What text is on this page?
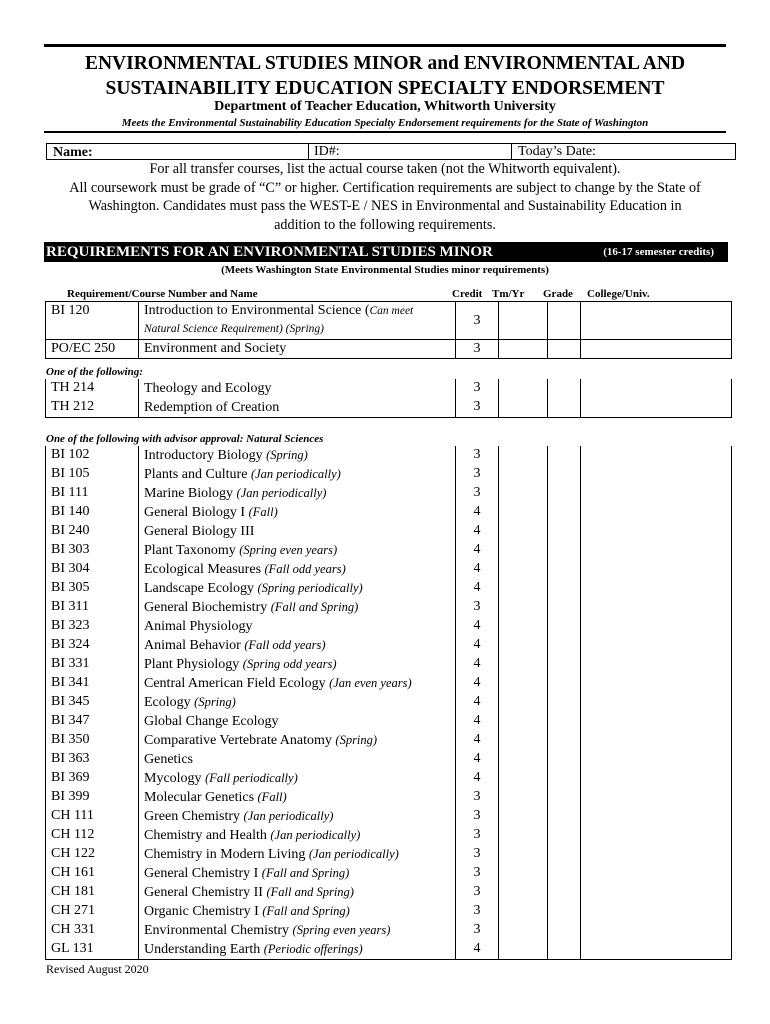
ENVIRONMENTAL STUDIES MINOR and ENVIRONMENTAL AND
SUSTAINABILITY EDUCATION SPECIALTY ENDORSEMENT
Department of Teacher Education, Whitworth University
Meets the Environmental Sustainability Education Specialty Endorsement requirements for the State of Washington
Name:	ID#:	Today’s Date:
For all transfer courses, list the actual course taken (not the Whitworth equivalent).
All coursework must be grade of “C” or higher. Certification requirements are subject to change by the State of
Washington. Candidates must pass the WEST-E / NES in Environmental and Sustainability Education in
addition to the following requirements.
REQUIREMENTS FOR AN ENVIRONMENTAL STUDIES MINOR	(16-17 semester credits)
(Meets Washington State Environmental Studies minor requirements)
Requirement/Course Number and Name	Credit Tm/Yr Grade College/Univ.
BI 120	Introduction to Environmental Science (Can meet
Natural Science Requirement) (Spring)	3			
PO/EC 250	Environment and Society	3			
One of the following:
TH 214	Theology and Ecology	3			
TH 212	Redemption of Creation	3			
One of the following with advisor approval: Natural Sciences
BI 102	Introductory Biology (Spring)	3			
BI 105	Plants and Culture (Jan periodically)	3			
BI 111	Marine Biology (Jan periodically)	3			
BI 140	General Biology I (Fall)	4			
BI 240	General Biology III	4			
BI 303	Plant Taxonomy (Spring even years)	4			
BI 304	Ecological Measures (Fall odd years)	4			
BI 305	Landscape Ecology (Spring periodically)	4			
BI 311	General Biochemistry (Fall and Spring)	3			
BI 323	Animal Physiology	4			
BI 324	Animal Behavior (Fall odd years)	4			
BI 331	Plant Physiology (Spring odd years)	4			
BI 341	Central American Field Ecology (Jan even years)	4			
BI 345	Ecology (Spring)	4			
BI 347	Global Change Ecology	4			
BI 350	Comparative Vertebrate Anatomy (Spring)	4			
BI 363	Genetics	4			
BI 369	Mycology (Fall periodically)	4			
BI 399	Molecular Genetics (Fall)	3			
CH 111	Green Chemistry (Jan periodically)	3			
CH 112	Chemistry and Health (Jan periodically)	3			
CH 122	Chemistry in Modern Living (Jan periodically)	3			
CH 161	General Chemistry I (Fall and Spring)	3			
CH 181	General Chemistry II (Fall and Spring)	3			
CH 271	Organic Chemistry I (Fall and Spring)	3			
CH 331	Environmental Chemistry (Spring even years)	3			
GL 131	Understanding Earth (Periodic offerings)	4			
Revised August 2020
